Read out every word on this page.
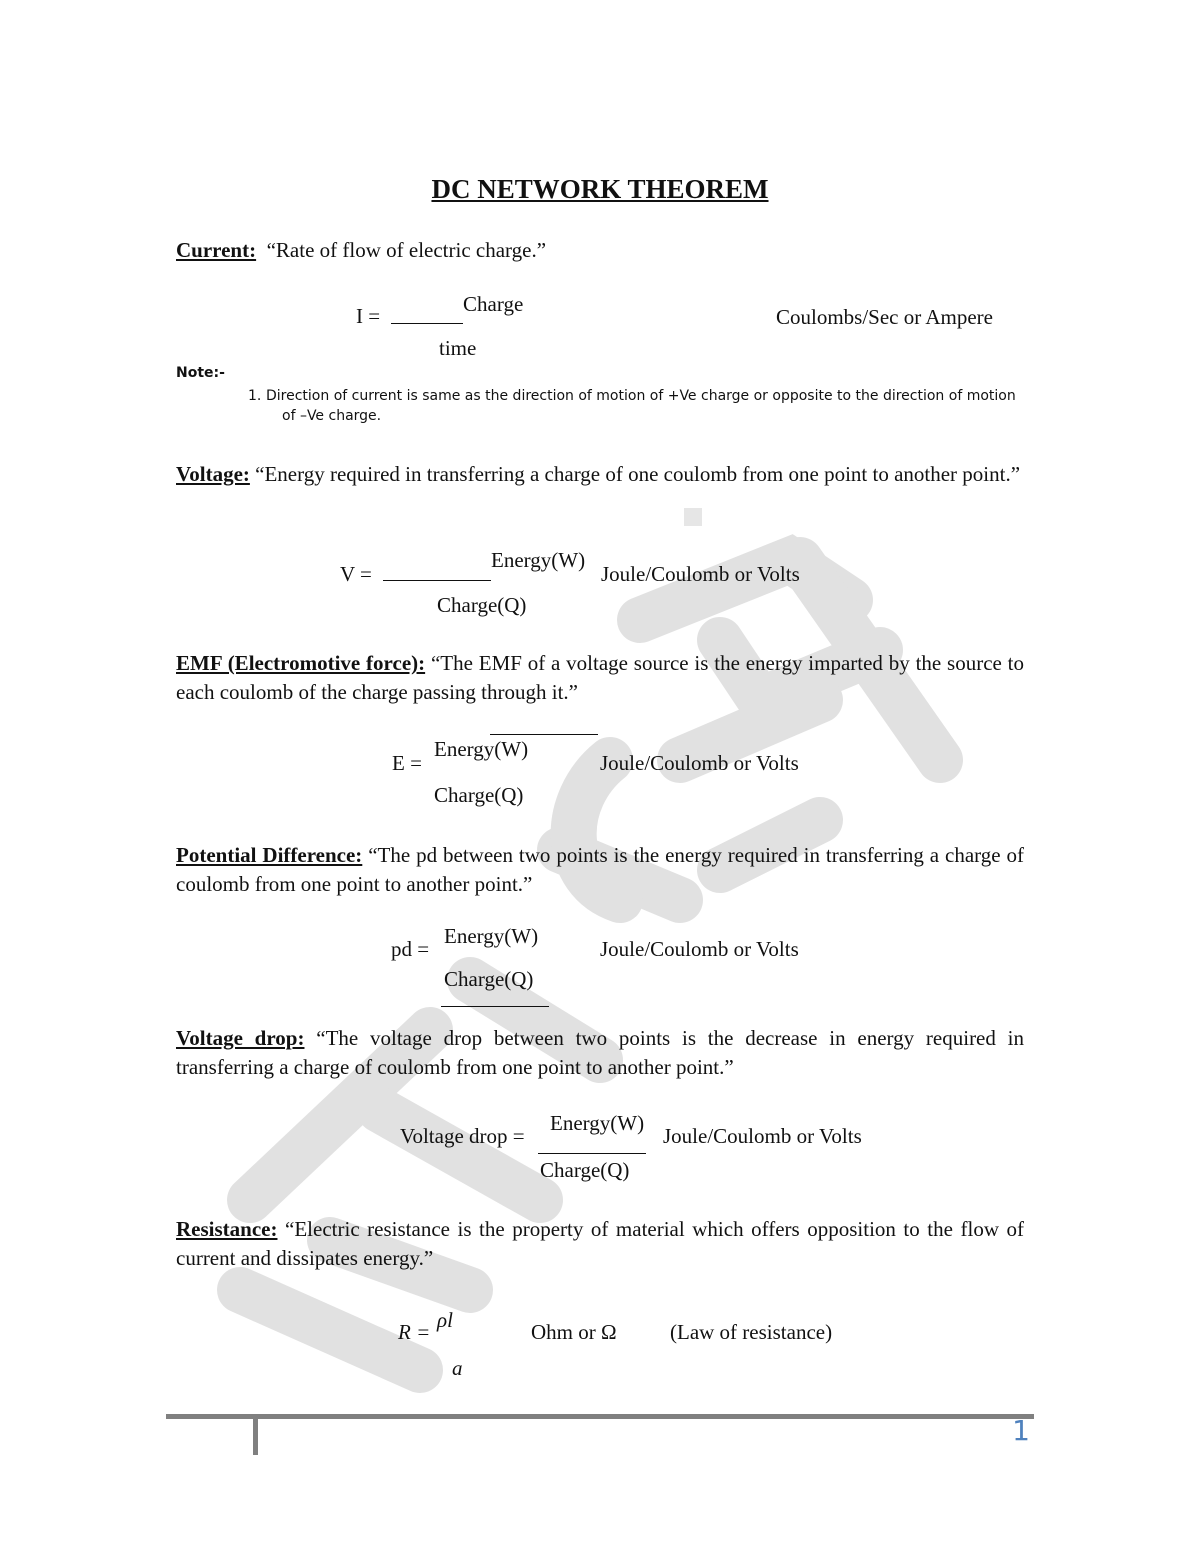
DC NETWORK THEOREM
Current: “Rate of flow of electric charge.”
I =	Charge
time
Coulombs/Sec or Ampere
Note:-
1. Direction of current is same as the direction of motion of +Ve charge or opposite to the direction of motion
of –Ve charge.
Voltage: “Energy required in transferring a charge of one coulomb from one point to another point.”
V =
Energy(W)
Charge(Q)
Joule/Coulomb or Volts
EMF (Electromotive force): “The EMF of a voltage source is the energy imparted by the source to each coulomb of the charge passing through it.”
E =
Energy(W)
Charge(Q)
Joule/Coulomb or Volts
Potential Difference: “The pd between two points is the energy required in transferring a charge of coulomb from one point to another point.”
pd =
Energy(W)
Charge(Q)
Joule/Coulomb or Volts
Voltage drop: “The voltage drop between two points is the decrease in energy required in transferring a charge of coulomb from one point to another point.”
Voltage drop =
Energy(W)
Charge(Q)
Joule/Coulomb or Volts
Resistance: “Electric resistance is the property of material which offers opposition to the flow of current and dissipates energy.”
R = ρl
a
Ohm or Ω	(Law of resistance)
1
